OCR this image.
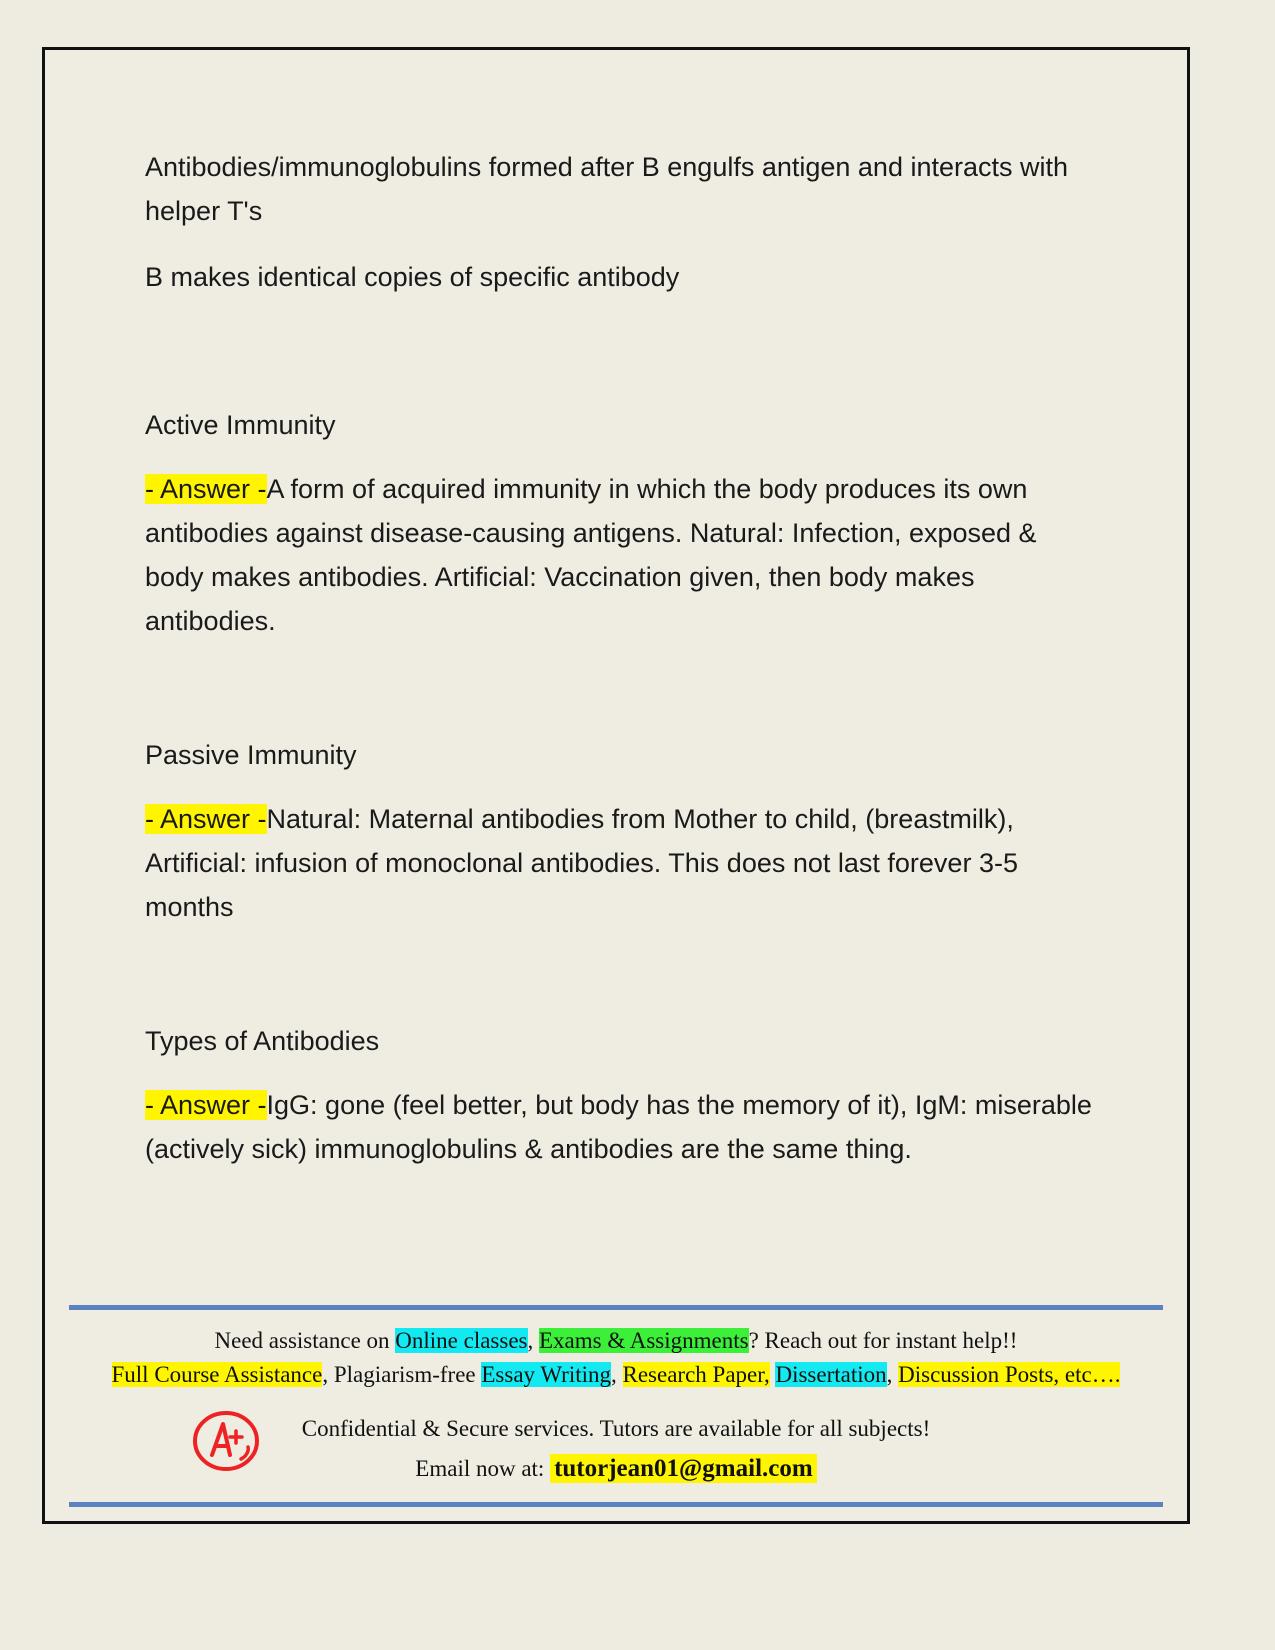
Antibodies/immunoglobulins formed after B engulfs antigen and interacts with helper T's

B makes identical copies of specific antibody

Active Immunity

- Answer -A form of acquired immunity in which the body produces its own antibodies against disease-causing antigens. Natural: Infection, exposed & body makes antibodies. Artificial: Vaccination given, then body makes antibodies.

Passive Immunity

- Answer -Natural: Maternal antibodies from Mother to child, (breastmilk), Artificial: infusion of monoclonal antibodies. This does not last forever 3-5 months

Types of Antibodies

- Answer -IgG: gone (feel better, but body has the memory of it), IgM: miserable (actively sick) immunoglobulins & antibodies are the same thing.

Need assistance on Online classes, Exams & Assignments? Reach out for instant help!!
Full Course Assistance, Plagiarism-free Essay Writing, Research Paper, Dissertation, Discussion Posts, etc….
Confidential & Secure services. Tutors are available for all subjects!
Email now at: tutorjean01@gmail.com
